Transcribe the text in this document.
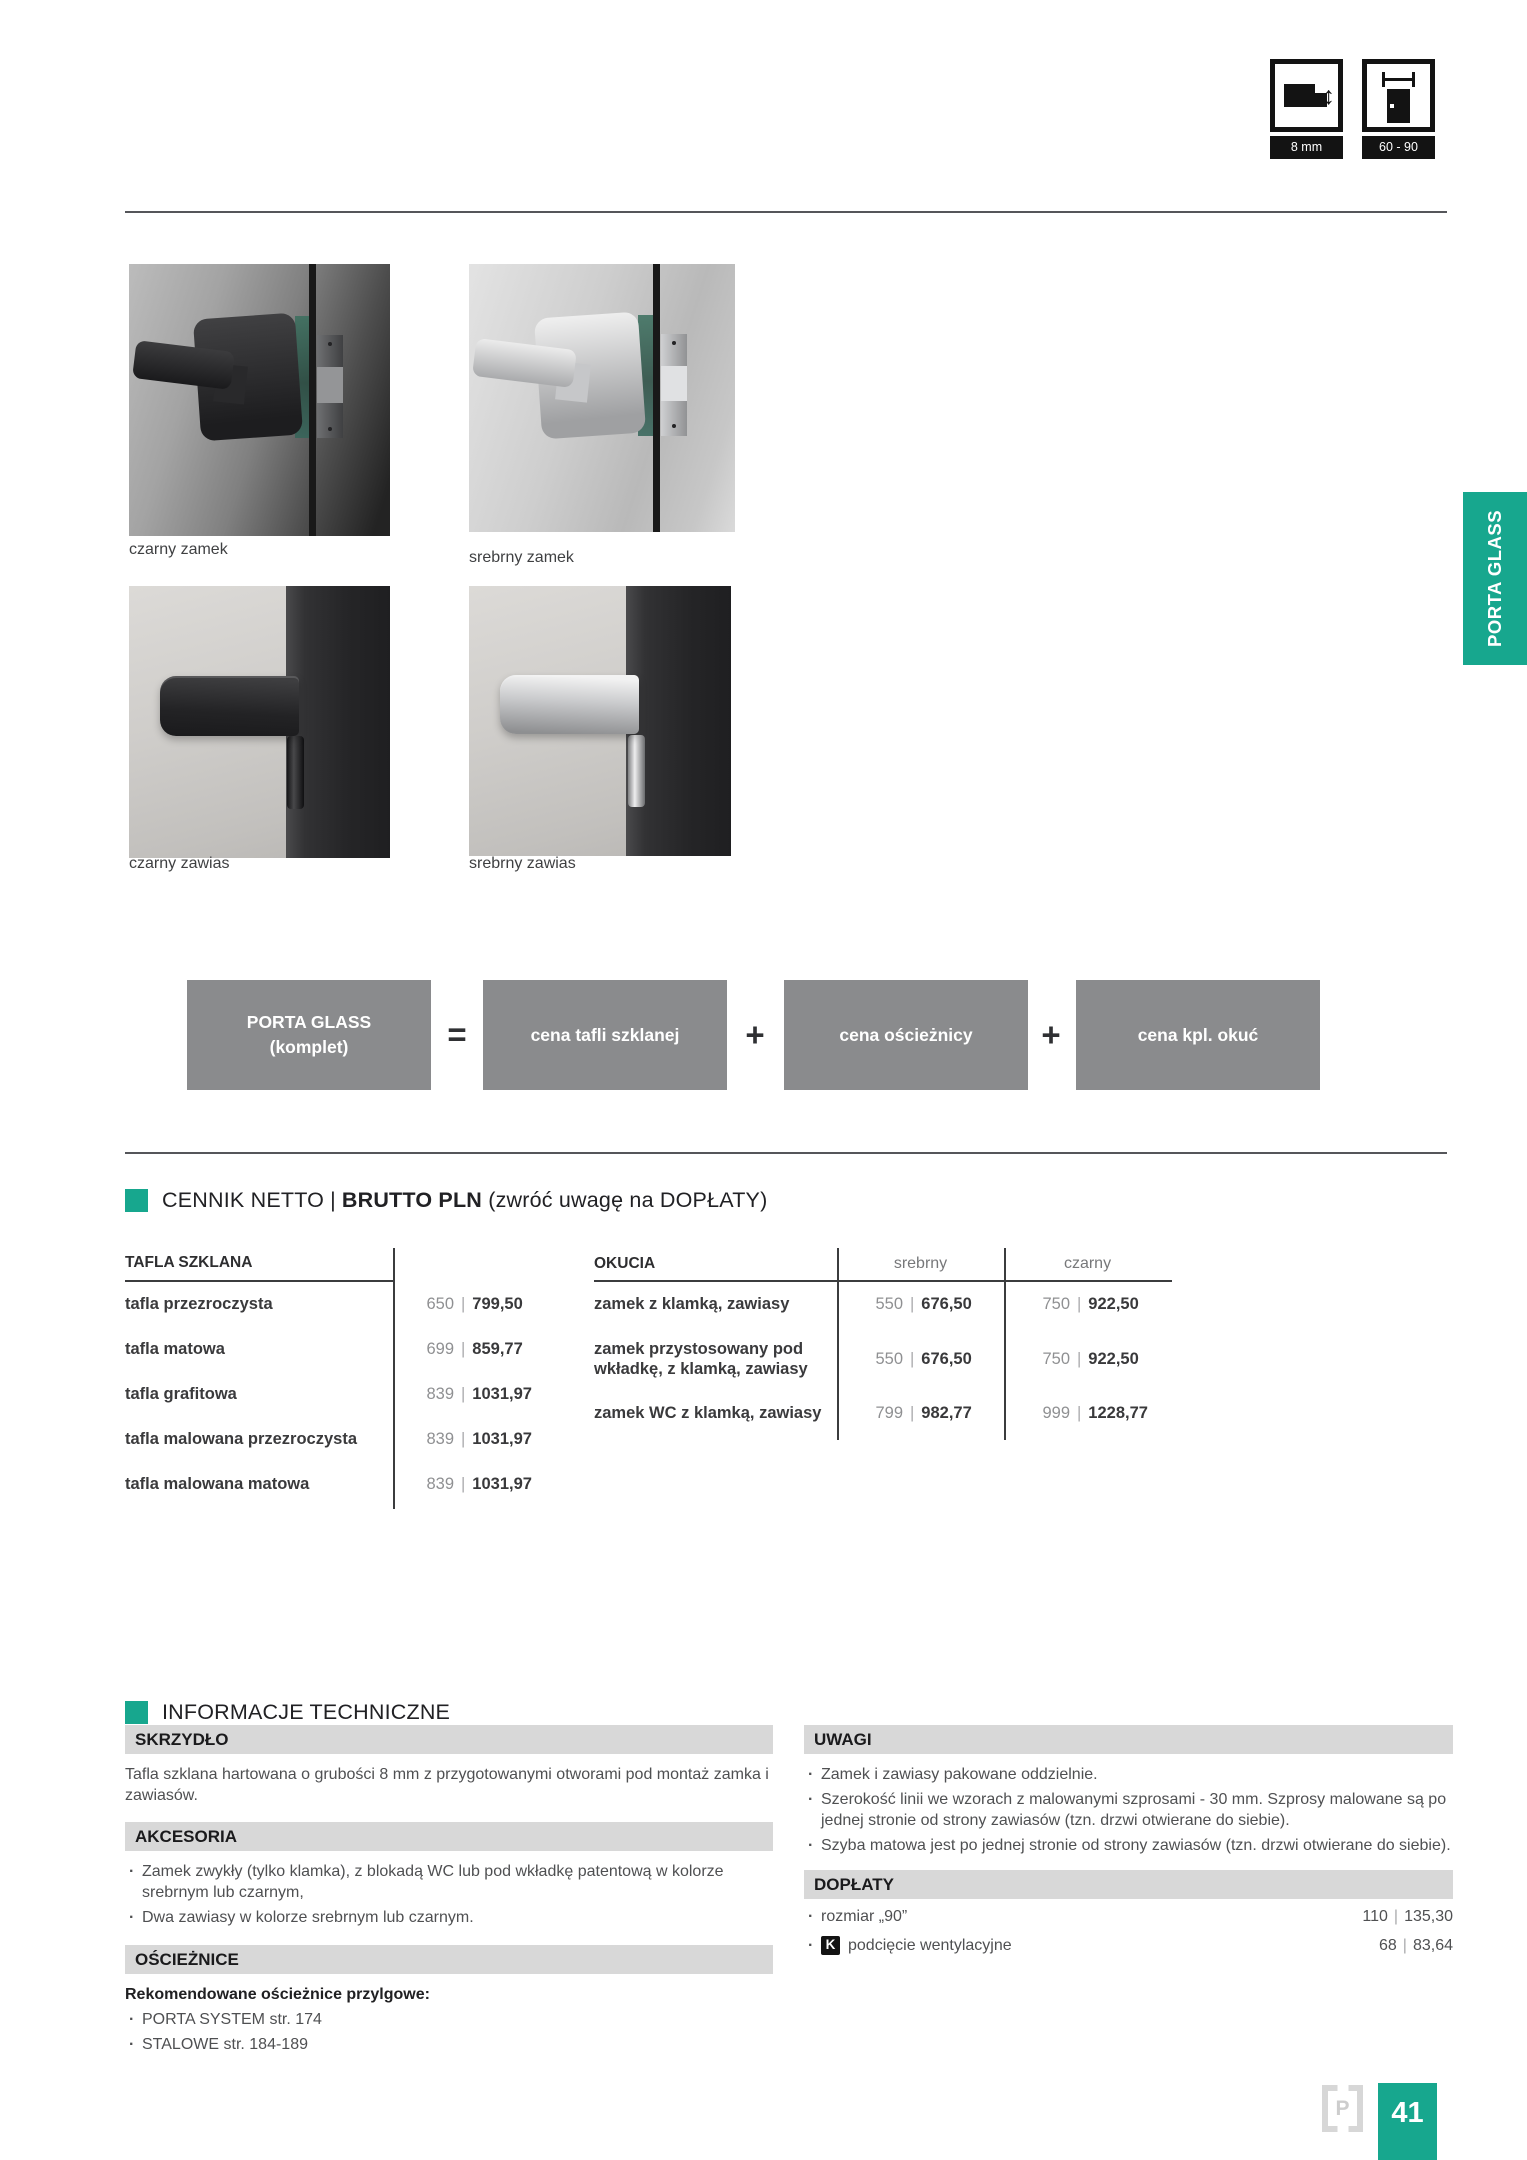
↕
8 mm	60 - 90
czarny zamek	srebrny zamek
czarny zawias	srebrny zawias
PORTA GLASS
(komplet)	=	cena tafli szklanej	+	cena ościeżnicy	+	cena kpl. okuć
CENNIK NETTO | BRUTTO PLN (zwróć uwagę na DOPŁATY)
TAFLA SZKLANA
tafla przezroczysta	650 | 799,50
tafla matowa	699 | 859,77
tafla grafitowa	839 | 1031,97
tafla malowana przezroczysta	839 | 1031,97
tafla malowana matowa	839 | 1031,97
OKUCIA	srebrny	czarny
zamek z klamką, zawiasy	550 | 676,50	750 | 922,50
zamek przystosowany pod wkładkę, z klamką, zawiasy
550 | 676,50	750 | 922,50
zamek WC z klamką, zawiasy	799 | 982,77	999 | 1228,77
INFORMACJE TECHNICZNE
SKRZYDŁO

Tafla szklana hartowana o grubości 8 mm z przygotowanymi otworami pod montaż zamka i zawiasów.

AKCESORIA
· Zamek zwykły (tylko klamka), z blokadą WC lub pod wkładkę patentową w kolorze srebrnym lub czarnym,
· Dwa zawiasy w kolorze srebrnym lub czarnym.
OŚCIEŻNICE

Rekomendowane ościeżnice przylgowe:

· PORTA SYSTEM str. 174
· STALOWE str. 184-189
UWAGI
· Zamek i zawiasy pakowane oddzielnie.
· Szerokość linii we wzorach z malowanymi szprosami - 30 mm. Szprosy malowane są po jednej stronie od strony zawiasów (tzn. drzwi otwierane do siebie).
· Szyba matowa jest po jednej stronie od strony zawiasów (tzn. drzwi otwierane do siebie).
DOPŁATY
· rozmiar „90”	110 | 135,30
· K podcięcie wentylacyjne	68 | 83,64
PORTA GLASS
P	41
